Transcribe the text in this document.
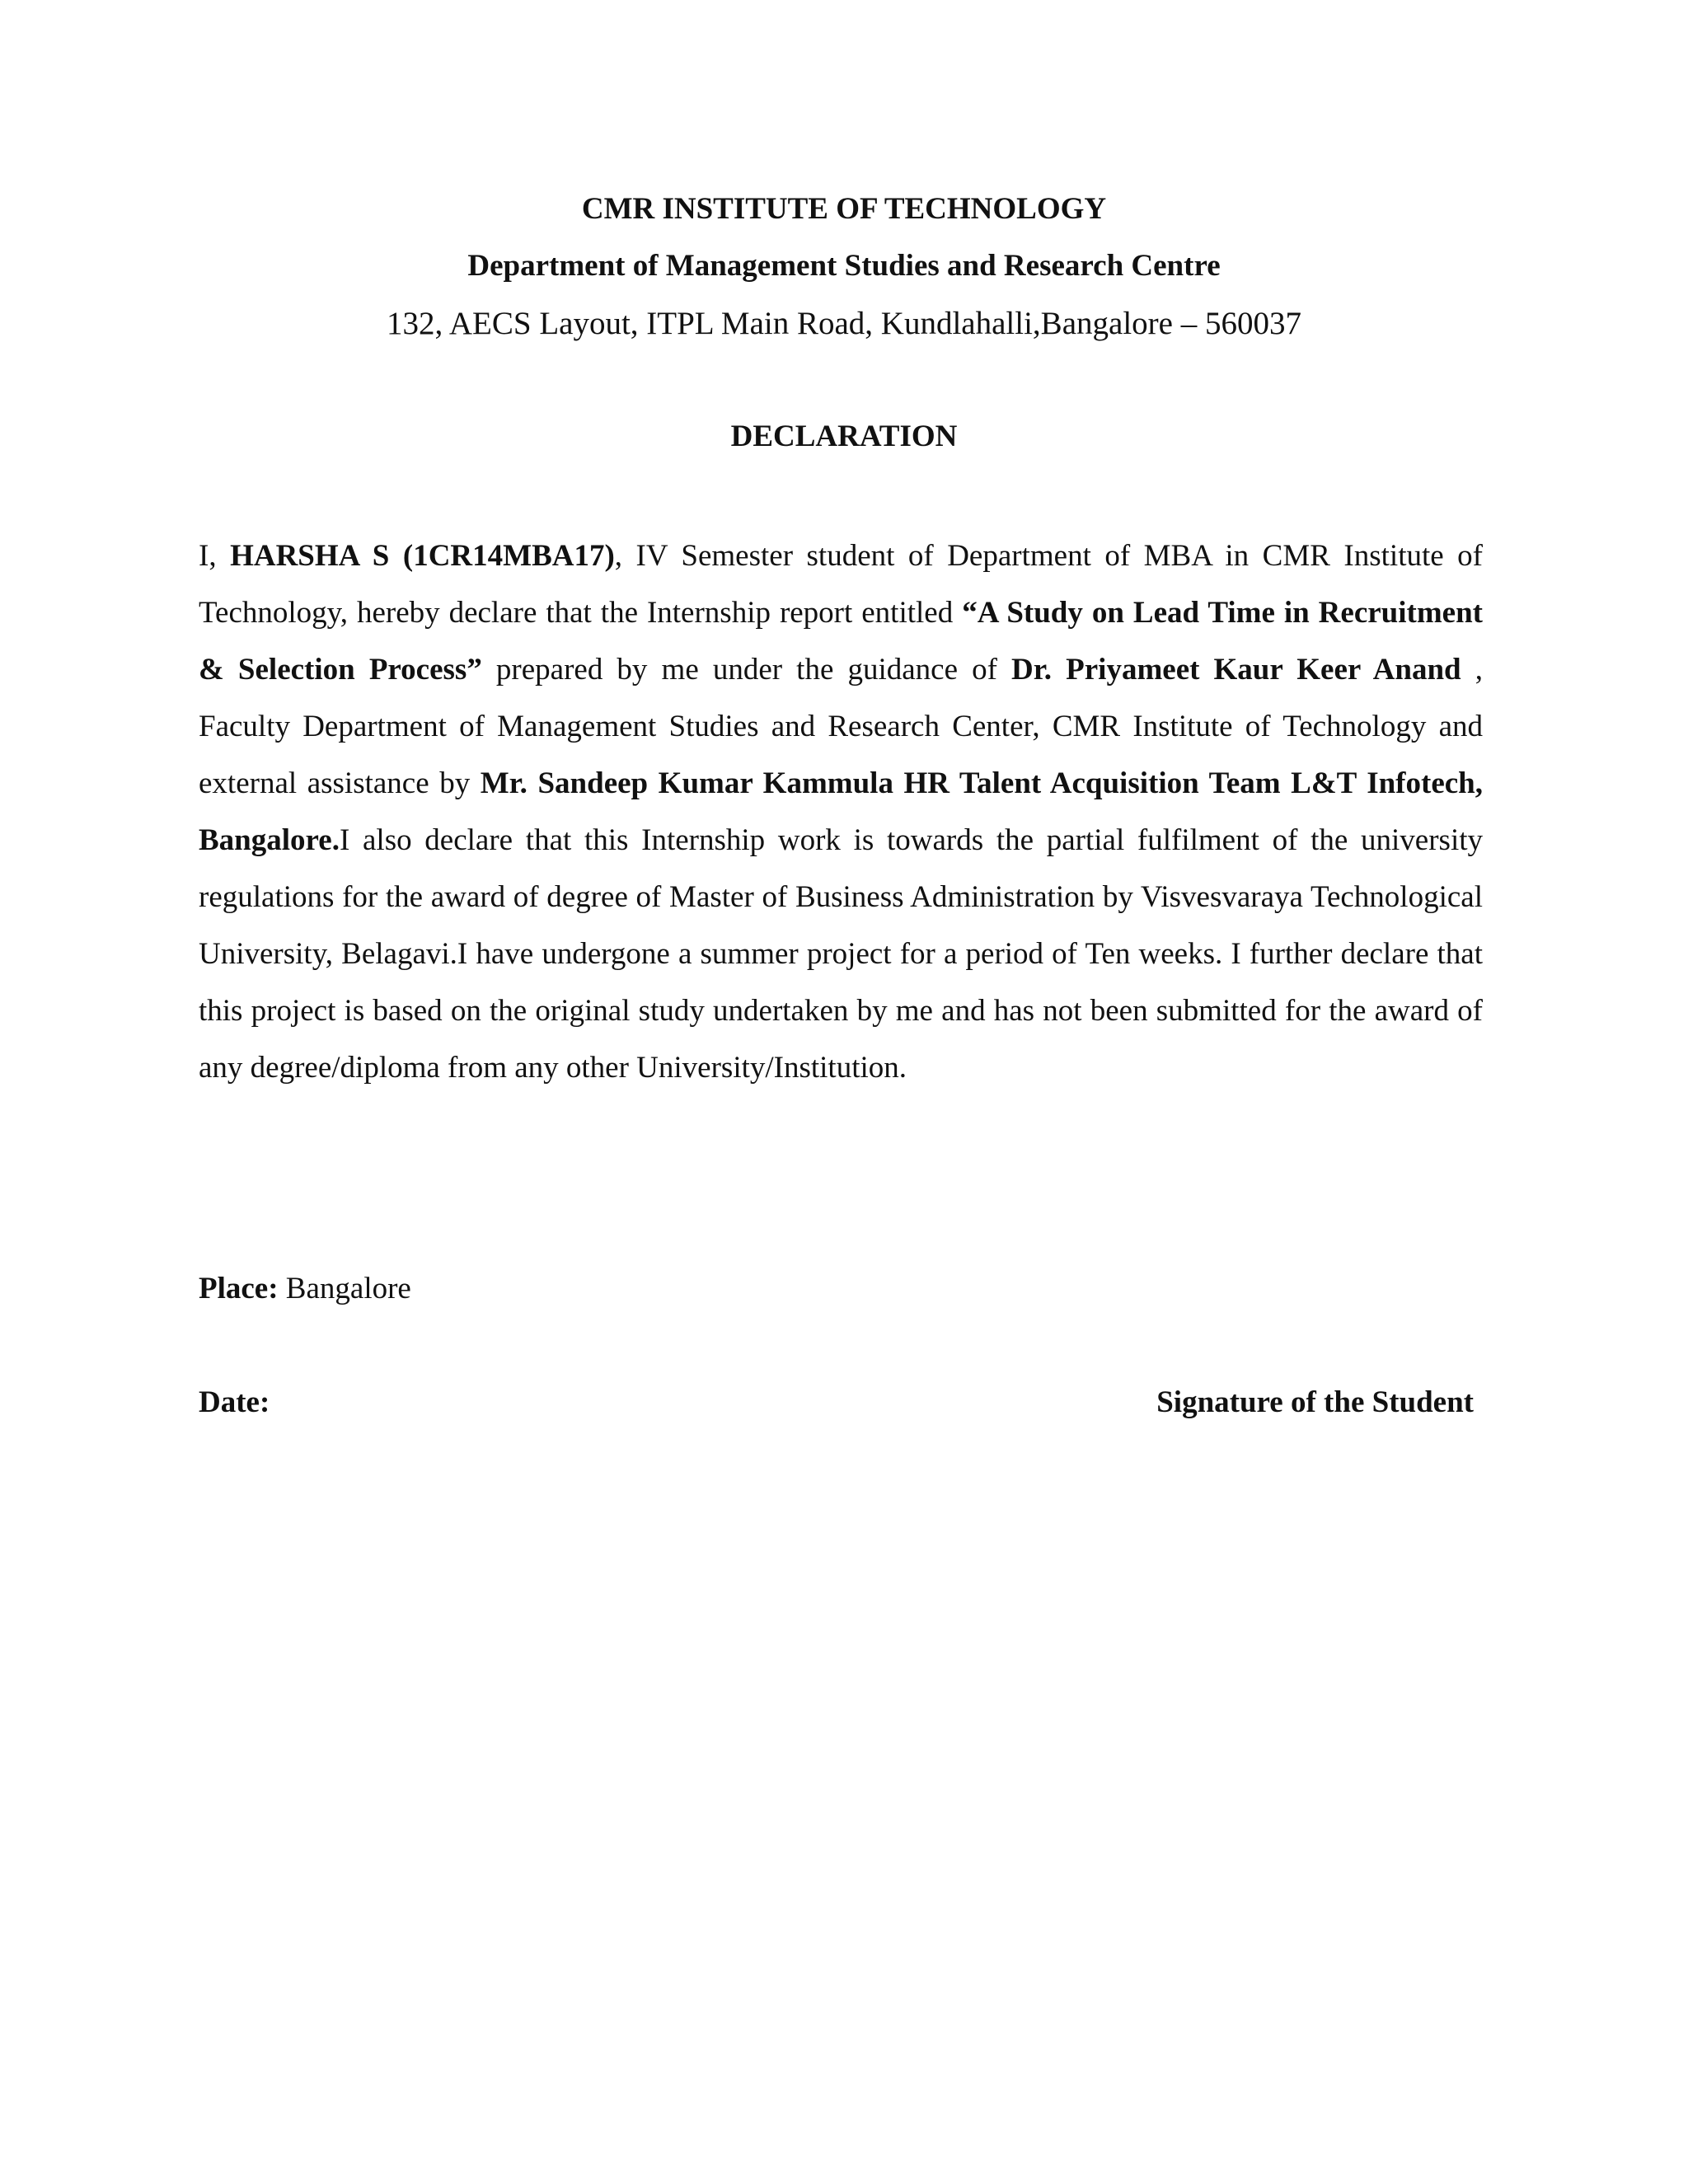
CMR INSTITUTE OF TECHNOLOGY
Department of Management Studies and Research Centre
132, AECS Layout, ITPL Main Road, Kundlahalli,Bangalore – 560037
DECLARATION

I, HARSHA S (1CR14MBA17), IV Semester student of Department of MBA in CMR Institute of Technology, hereby declare that the Internship report entitled “A Study on Lead Time in Recruitment & Selection Process” prepared by me under the guidance of Dr. Priyameet Kaur Keer Anand , Faculty Department of Management Studies and Research Center, CMR Institute of Technology and external assistance by Mr. Sandeep Kumar Kammula HR Talent Acquisition Team L&T Infotech, Bangalore.I also declare that this Internship work is towards the partial fulfilment of the university regulations for the award of degree of Master of Business Administration by Visvesvaraya Technological University, Belagavi.I have undergone a summer project for a period of Ten weeks. I further declare that this project is based on the original study undertaken by me and has not been submitted for the award of any degree/diploma from any other University/Institution.

Place: Bangalore
Date:	Signature of the Student
